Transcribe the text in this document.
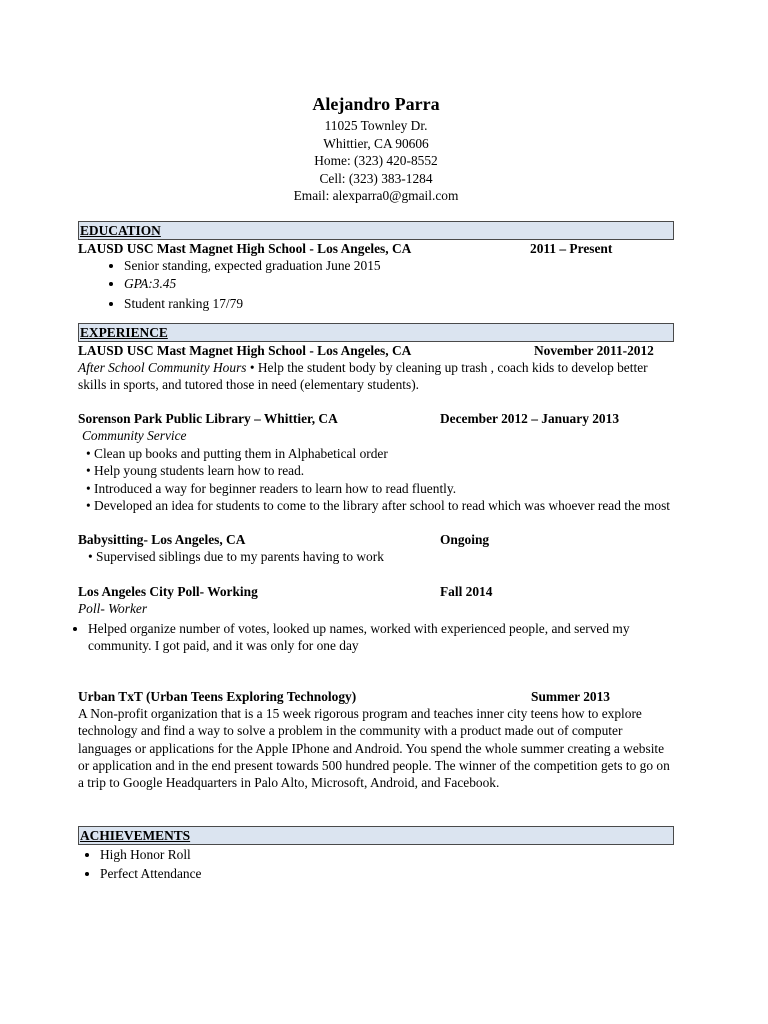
Alejandro Parra
11025 Townley Dr.
Whittier, CA 90606
Home: (323) 420-8552
Cell: (323) 383-1284
Email: alexparra0@gmail.com
EDUCATION
LAUSD USC Mast Magnet High School - Los Angeles, CA	2011 – Present
• Senior standing, expected graduation June 2015
• GPA:3.45
• Student ranking 17/79
EXPERIENCE
LAUSD USC Mast Magnet High School - Los Angeles, CA	November 2011-2012
After School Community Hours • Help the student body by cleaning up trash , coach kids to develop better skills in sports, and tutored those in need (elementary students).
Sorenson Park Public Library – Whittier, CA	December 2012 – January 2013
Community Service
• Clean up books and putting them in Alphabetical order
• Help young students learn how to read.
• Introduced a way for beginner readers to learn how to read fluently.
• Developed an idea for students to come to the library after school to read which was whoever read the most
Babysitting- Los Angeles, CA	Ongoing
• Supervised siblings due to my parents having to work
Los Angeles City Poll- Working	Fall 2014
Poll- Worker
• Helped organize number of votes, looked up names, worked with experienced people, and served my community. I got paid, and it was only for one day
Urban TxT (Urban Teens Exploring Technology)	Summer 2013
A Non-profit organization that is a 15 week rigorous program and teaches inner city teens how to explore technology and find a way to solve a problem in the community with a product made out of computer languages or applications for the Apple IPhone and Android. You spend the whole summer creating a website or application and in the end present towards 500 hundred people. The winner of the competition gets to go on a trip to Google Headquarters in Palo Alto, Microsoft, Android, and Facebook.
ACHIEVEMENTS
• High Honor Roll
• Perfect Attendance
